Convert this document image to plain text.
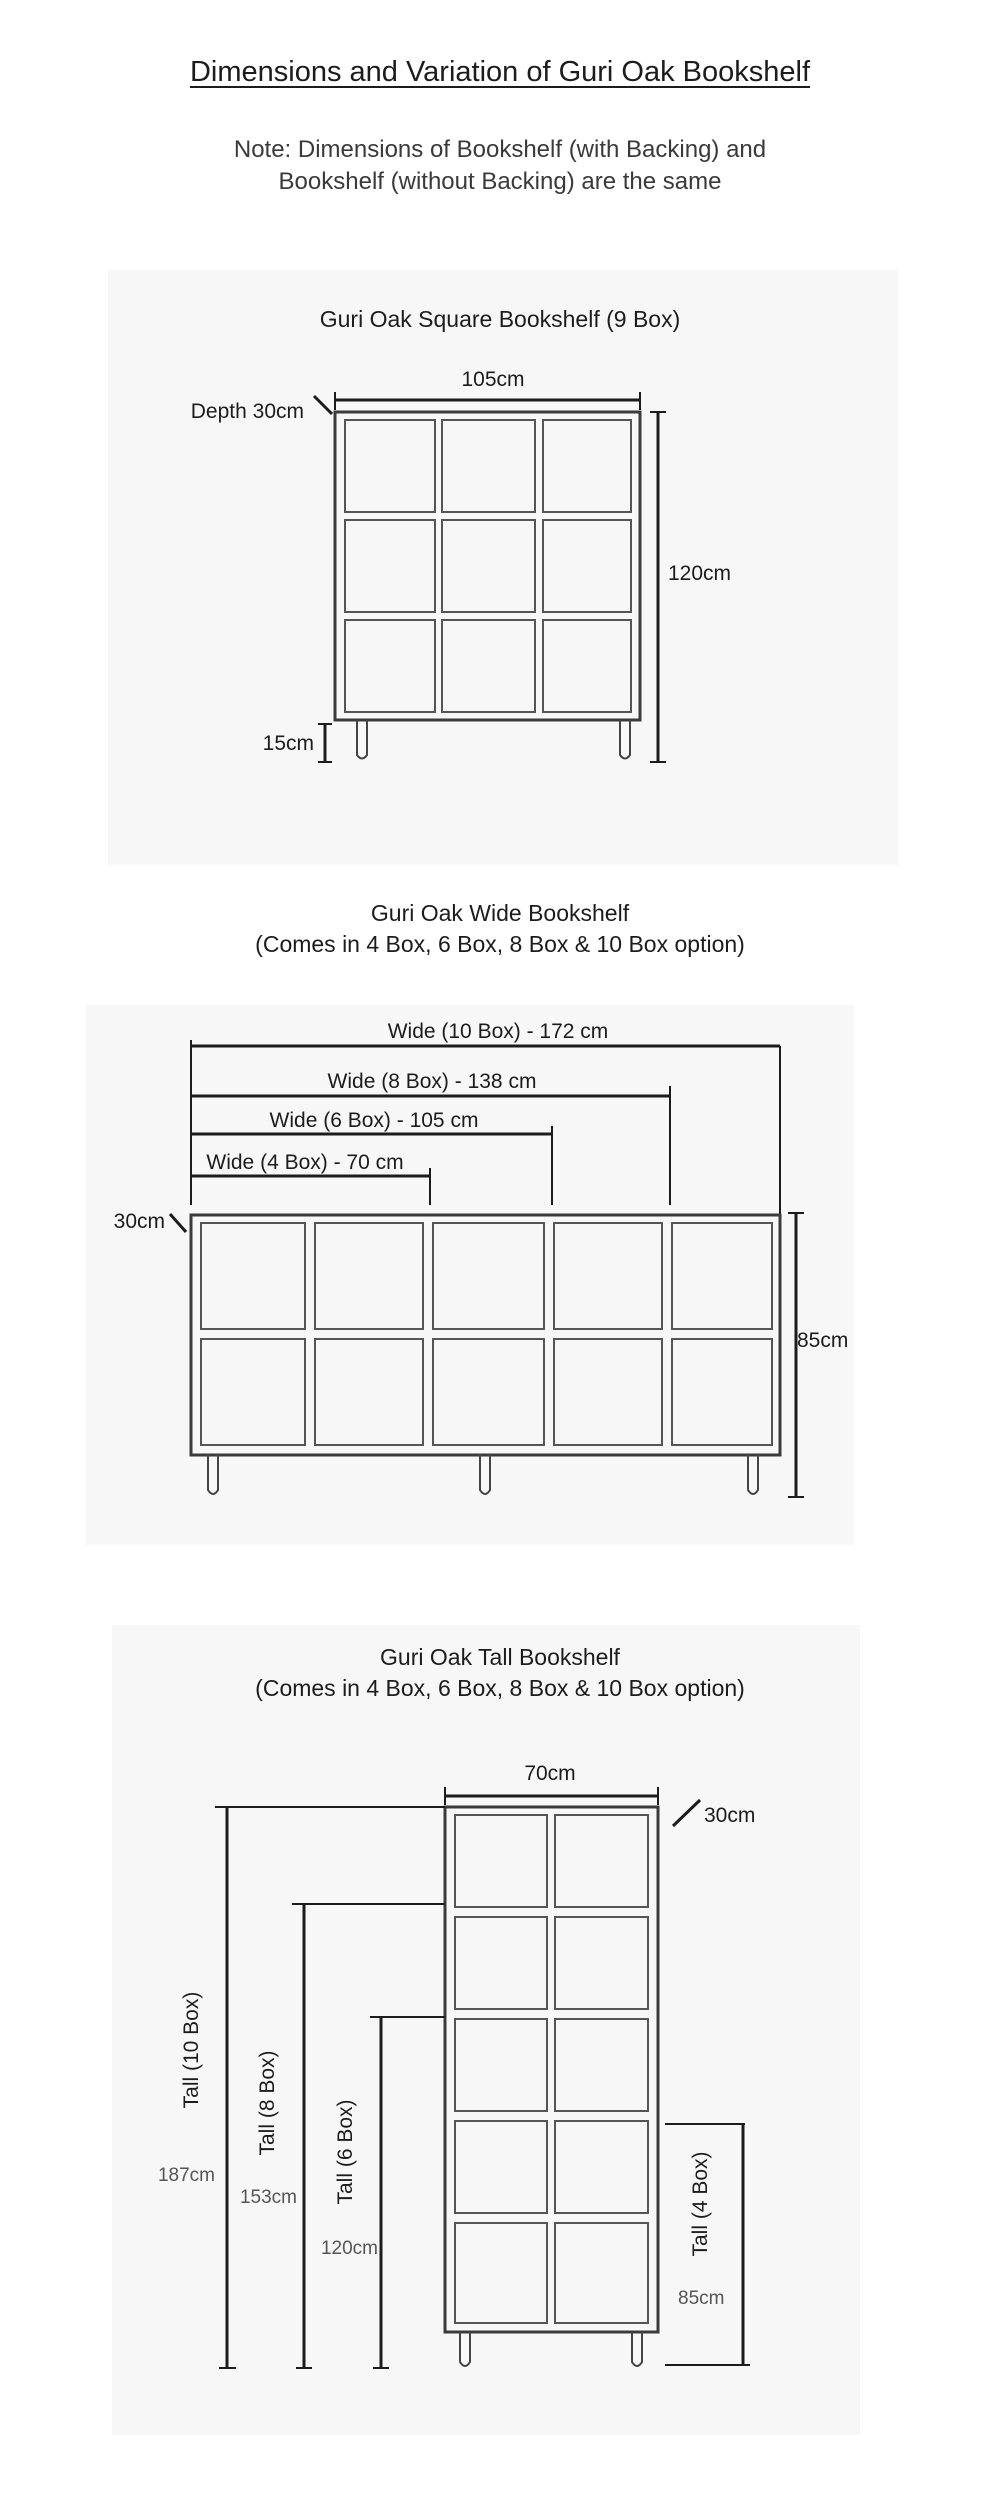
Dimensions and Variation of Guri Oak Bookshelf
Note: Dimensions of Bookshelf (with Backing) and
Bookshelf (without Backing) are the same
Guri Oak Square Bookshelf (9 Box)
Guri Oak Wide Bookshelf
(Comes in 4 Box, 6 Box, 8 Box & 10 Box option)
Guri Oak Tall Bookshelf
(Comes in 4 Box, 6 Box, 8 Box & 10 Box option)
105cm
Depth 30cm
120cm
15cm
Wide (10 Box) - 172 cm
Wide (8 Box) - 138 cm
Wide (6 Box) - 105 cm
Wide (4 Box) - 70 cm
30cm
85cm
70cm
30cm
Tall (10 Box)
187cm
Tall (8 Box)
153cm Tall (6 Box)
120cm	Tall (4 Box)
85cm
